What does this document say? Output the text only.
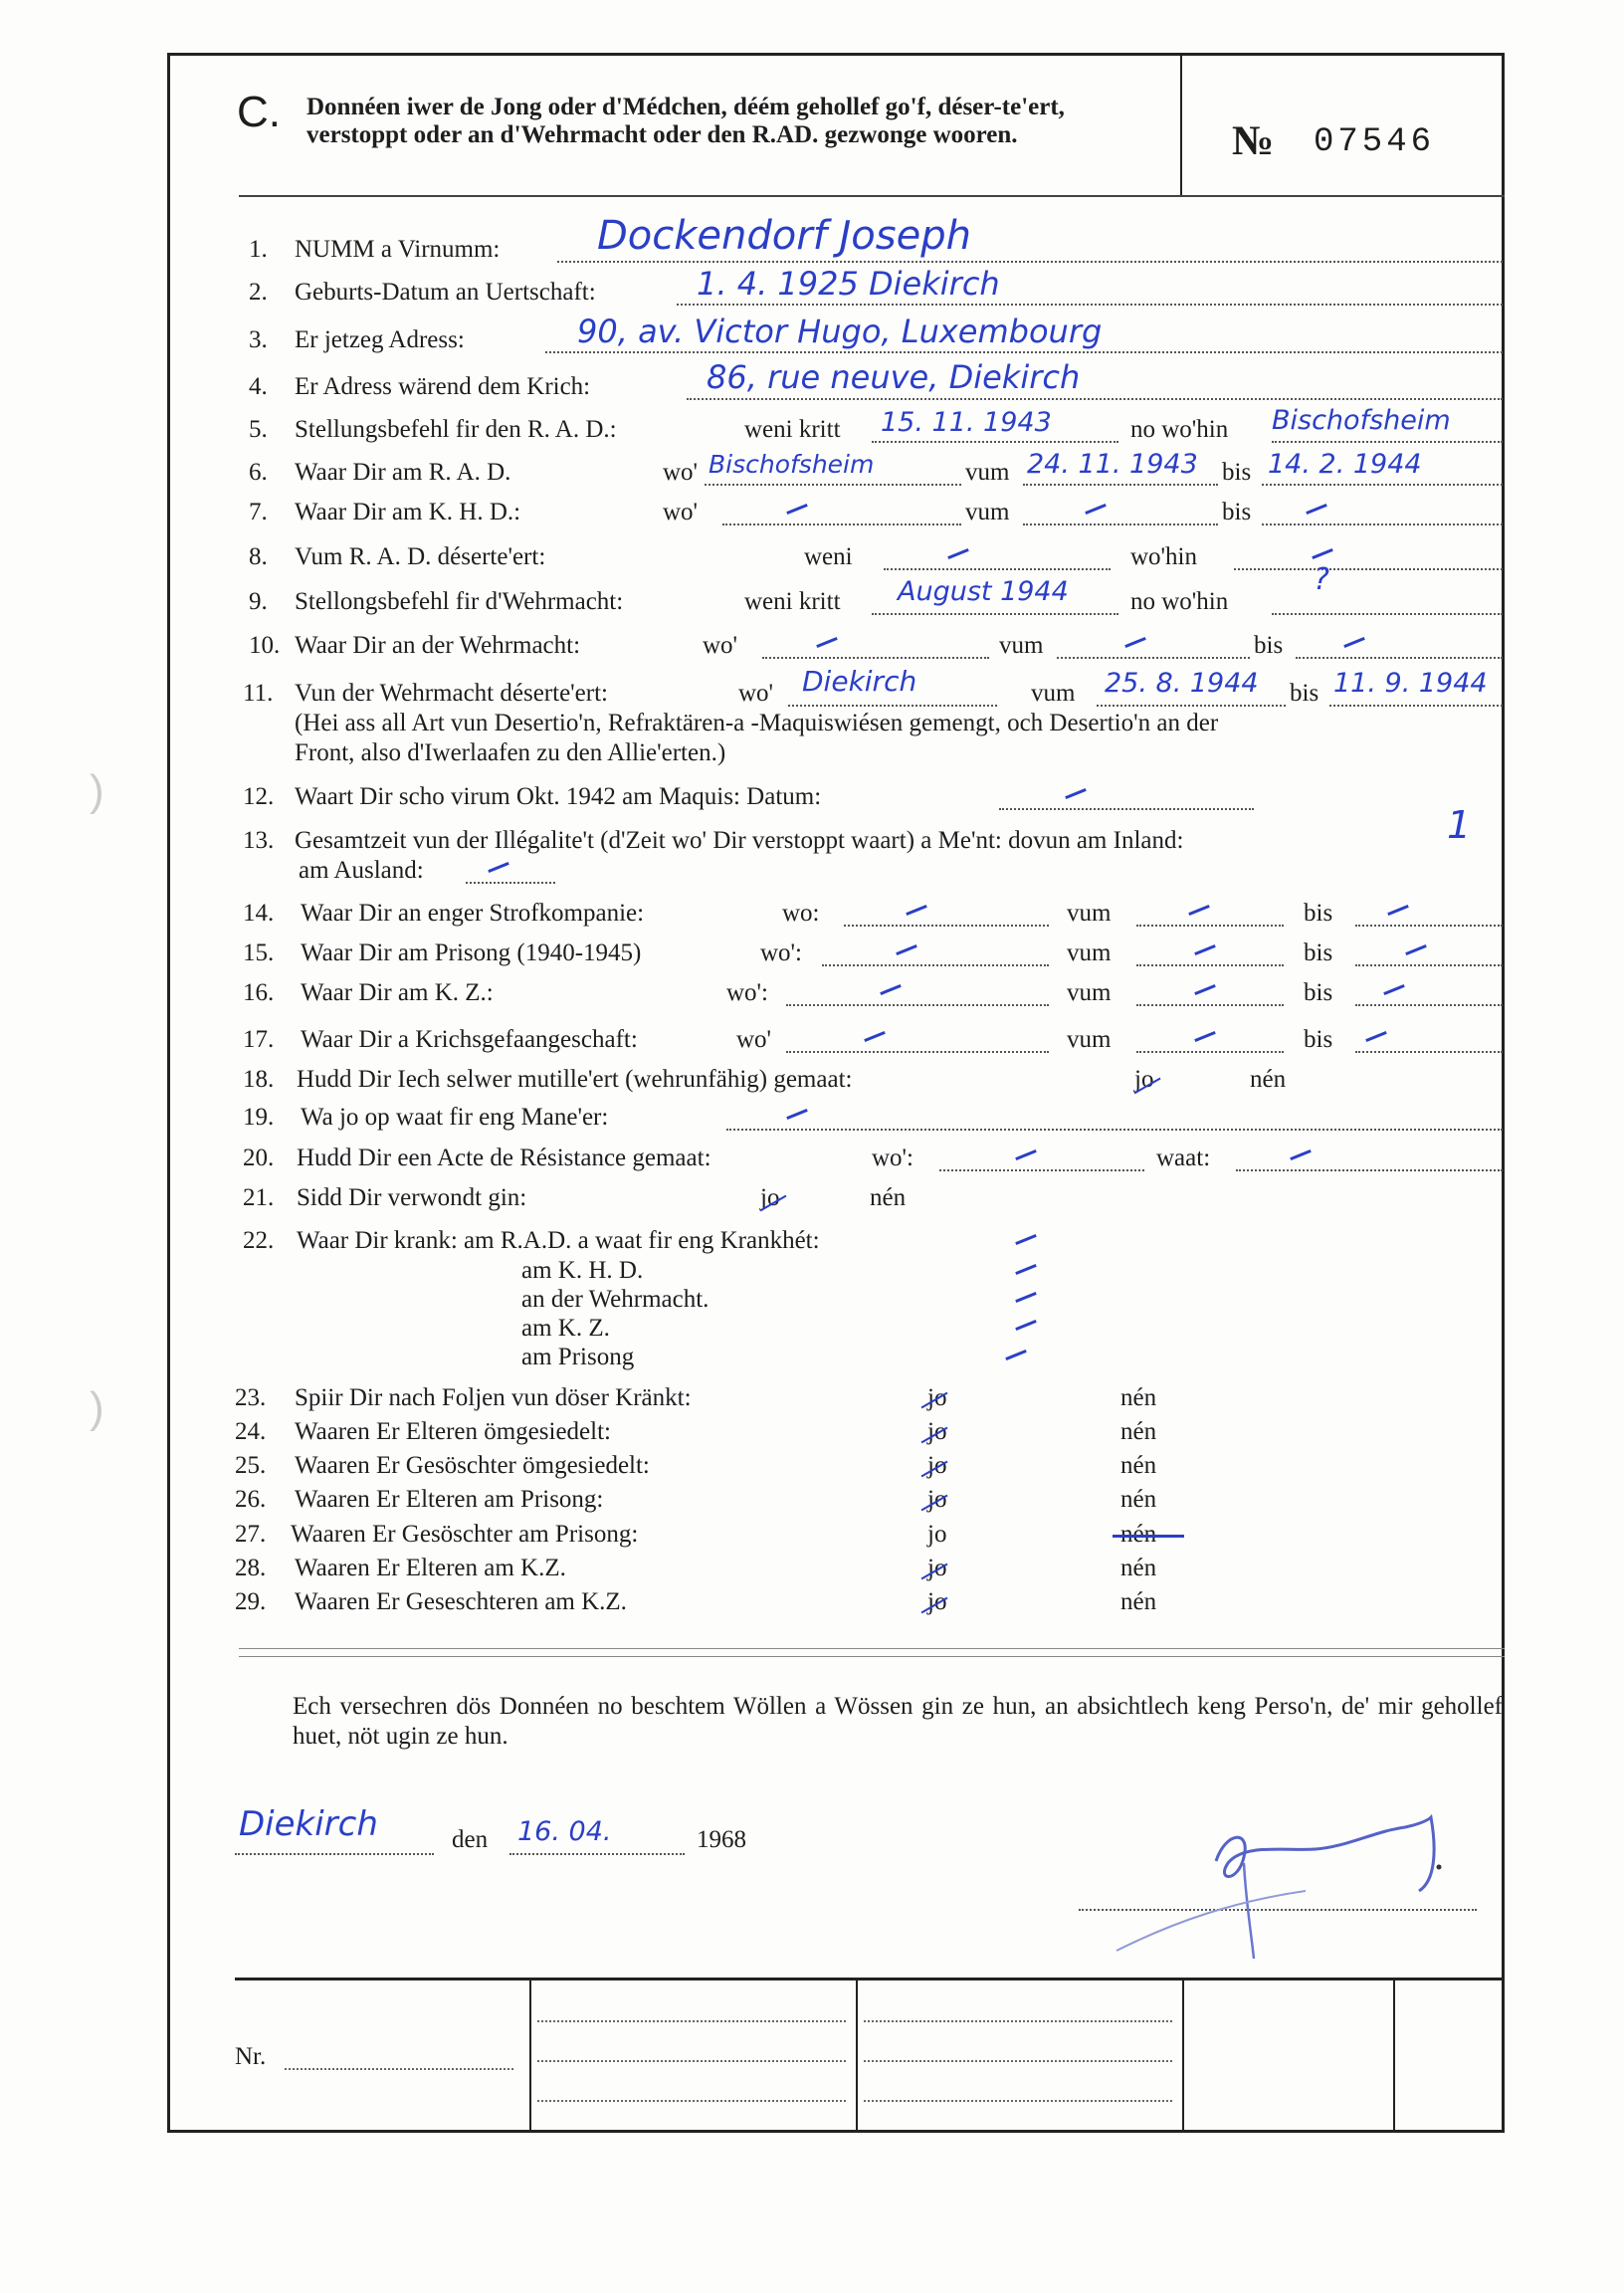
)
)
C. Donnéen iwer de Jong oder d'Médchen, déém gehollef go'f, déser-te'ert, verstoppt oder an d'Wehrmacht oder den R.AD. gezwonge wooren.	№ 07546
1. NUMM a Virnumm: Dockendorf Joseph
2. Geburts-Datum an Uertschaft:	1. 4. 1925 Diekirch
3. Er jetzeg Adress:	90, av. Victor Hugo, Luxembourg
4. Er Adress wärend dem Krich:	86, rue neuve, Diekirch
5. Stellungsbefehl fir den R. A. D.:	weni kritt 15. 11. 1943	no wo'hin Bischofsheim
6. Waar Dir am R. A. D.	wo' Bischofsheim	vum 24. 11. 1943 bis 14. 2. 1944
7. Waar Dir am K. H. D.:	wo'	vum	bis
8. Vum R. A. D. déserte'ert:	weni	wo'hin
9. Stellongsbefehl fir d'Wehrmacht:	weni kritt August 1944 no wo'hin
?
10. Waar Dir an der Wehrmacht:	wo'	vum	bis
11. Vun der Wehrmacht déserte'ert:	wo' Diekirch	vum 25. 8. 1944 bis 11. 9. 1944
(Hei ass all Art vun Desertio'n, Refraktären-a -Maquiswiésen gemengt, och Desertio'n an der
Front, also d'Iwerlaafen zu den Allie'erten.)
12. Waart Dir scho virum Okt. 1942 am Maquis: Datum:
13. Gesamtzeit vun der Illégalite't (d'Zeit wo' Dir verstoppt waart) a Me'nt: dovun am Inland:	1
am Ausland:
14. Waar Dir an enger Strofkompanie:	wo:	vum	bis
15. Waar Dir am Prisong (1940-1945)	wo':	vum	bis
16. Waar Dir am K. Z.:	wo':	vum	bis
17. Waar Dir a Krichsgefaangeschaft:	wo'	vum	bis
18. Hudd Dir Iech selwer mutille'ert (wehrunfähig) gemaat:	jo	nén
19. Wa jo op waat fir eng Mane'er:
20. Hudd Dir een Acte de Résistance gemaat:	wo':	waat:
21. Sidd Dir verwondt gin:	jo	nén
22. Waar Dir krank: am R.A.D. a waat fir eng Krankhét:
am K. H. D.
an der Wehrmacht.
am K. Z.
am Prisong
23. Spiir Dir nach Foljen vun döser Kränkt:	jo	nén
24. Waaren Er Elteren ömgesiedelt:	jo	nén
25. Waaren Er Gesöschter ömgesiedelt:	jo	nén
26. Waaren Er Elteren am Prisong:	jo	nén
27. Waaren Er Gesöschter am Prisong:	jo	nén
28. Waaren Er Elteren am K.Z.	jo	nén
29. Waaren Er Geseschteren am K.Z.	jo	nén
Ech versechren dös Donnéen no beschtem Wöllen a Wössen gin ze hun, an absichtlech keng Perso'n, de' mir gehollef huet, nöt ugin ze hun.
Diekirch	den 16. 04.	1968
Nr.
